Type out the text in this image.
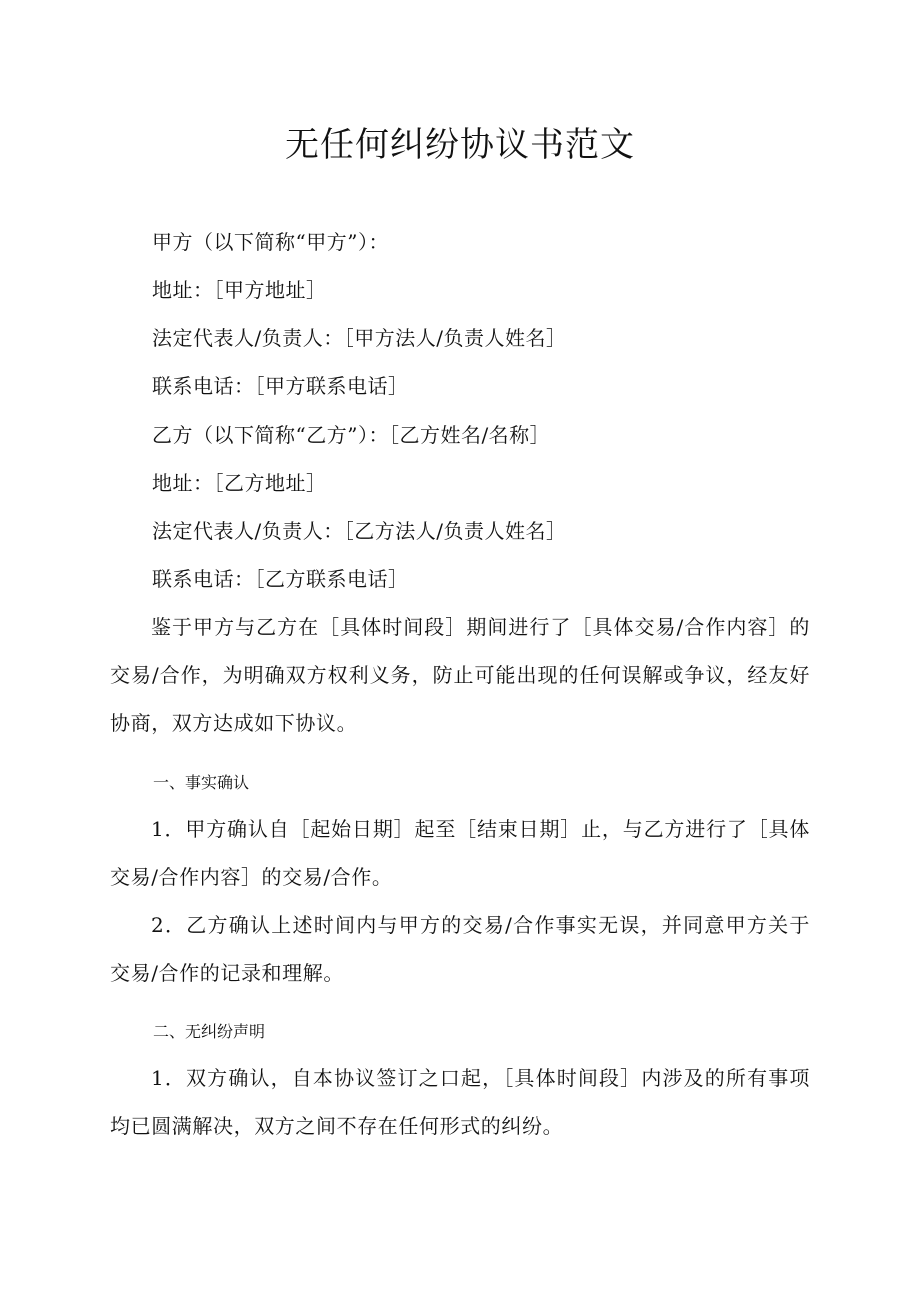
无任何纠纷协议书范文
甲方（以下简称“甲方”）：
地址：［甲方地址］
法定代表人/负责人：［甲方法人/负责人姓名］
联系电话：［甲方联系电话］
乙方（以下简称“乙方”）：［乙方姓名/名称］
地址：［乙方地址］
法定代表人/负责人：［乙方法人/负责人姓名］
联系电话：［乙方联系电话］

鉴于甲方与乙方在［具体时间段］期间进行了［具体交易/合作内容］的交易/合作，为明确双方权利义务，防止可能出现的任何误解或争议，经友好协商，双方达成如下协议。

一、事实确认

1．甲方确认自［起始日期］起至［结束日期］止，与乙方进行了［具体交易/合作内容］的交易/合作。

2．乙方确认上述时间内与甲方的交易/合作事实无误，并同意甲方关于交易/合作的记录和理解。

二、无纠纷声明

1．双方确认，自本协议签订之口起，［具体时间段］内涉及的所有事项均已圆满解决，双方之间不存在任何形式的纠纷。
